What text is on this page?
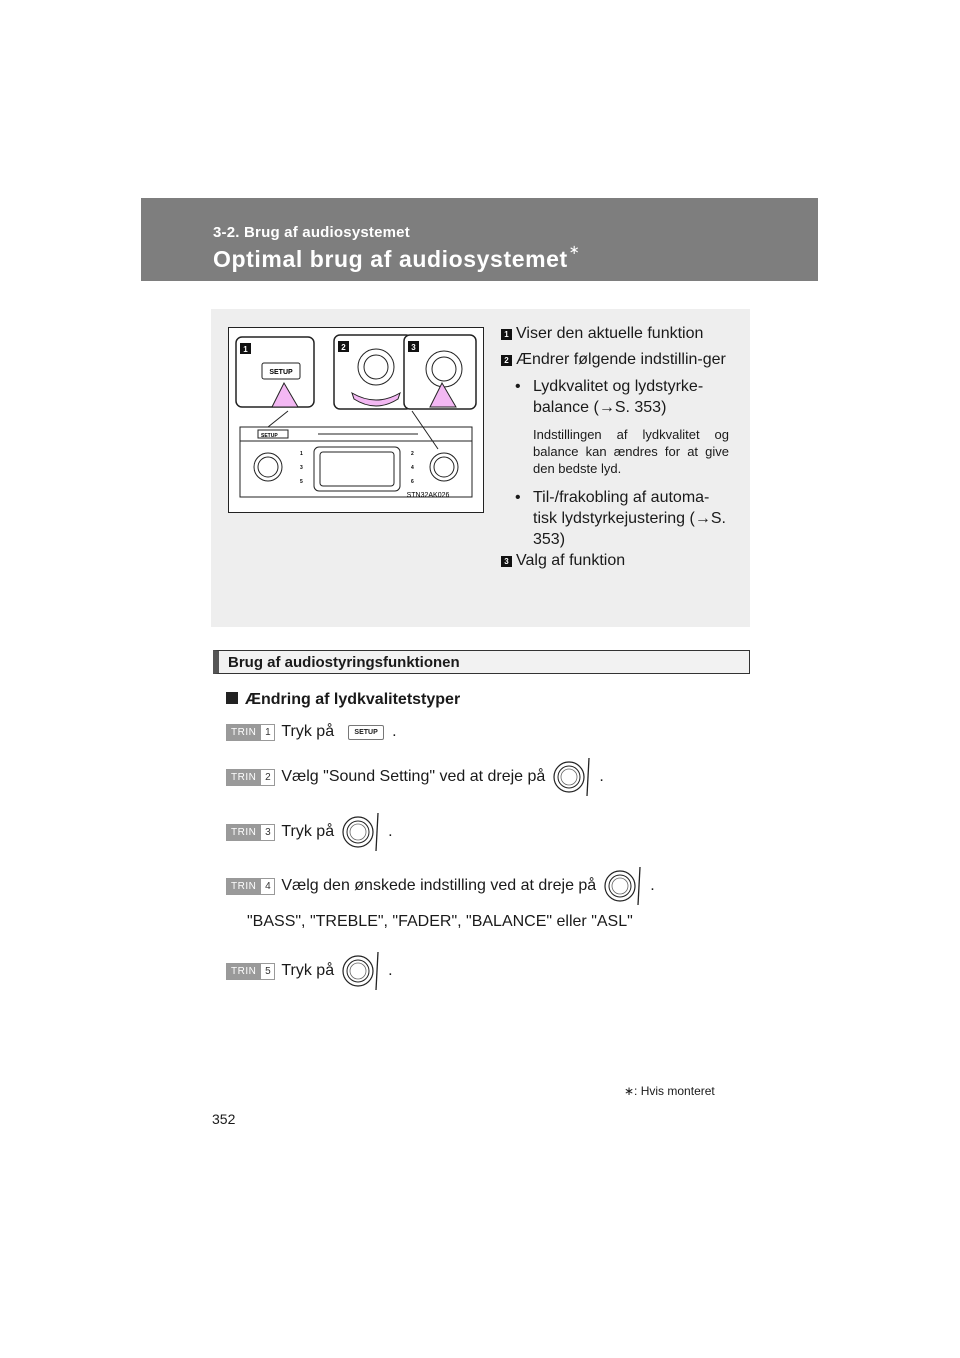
3-2. Brug af audiosystemet
Optimal brug af audiosystemet∗
SETUP
1
3
5
2
4
6
STN32AK026
1
SETUP
2	3
1 Viser den aktuelle funktion
2 Ændrer følgende indstillin-ger
• Lydkvalitet og lydstyrke-balance (→S. 353)
Indstillingen af lydkvalitet og balance kan ændres for at give den bedste lyd.
• Til-/frakobling af automa-tisk lydstyrkejustering (→S. 353)
3 Valg af funktion
Brug af audiostyringsfunktionen
Ændring af lydkvalitetstyper
TRIN 1 Tryk på	SETUP .
TRIN 2 Vælg "Sound Setting" ved at dreje på	.
TRIN 3 Tryk på	.
TRIN 4 Vælg den ønskede indstilling ved at dreje på	.
"BASS", "TREBLE", "FADER", "BALANCE" eller "ASL"
TRIN 5 Tryk på	.
∗: Hvis monteret
352
